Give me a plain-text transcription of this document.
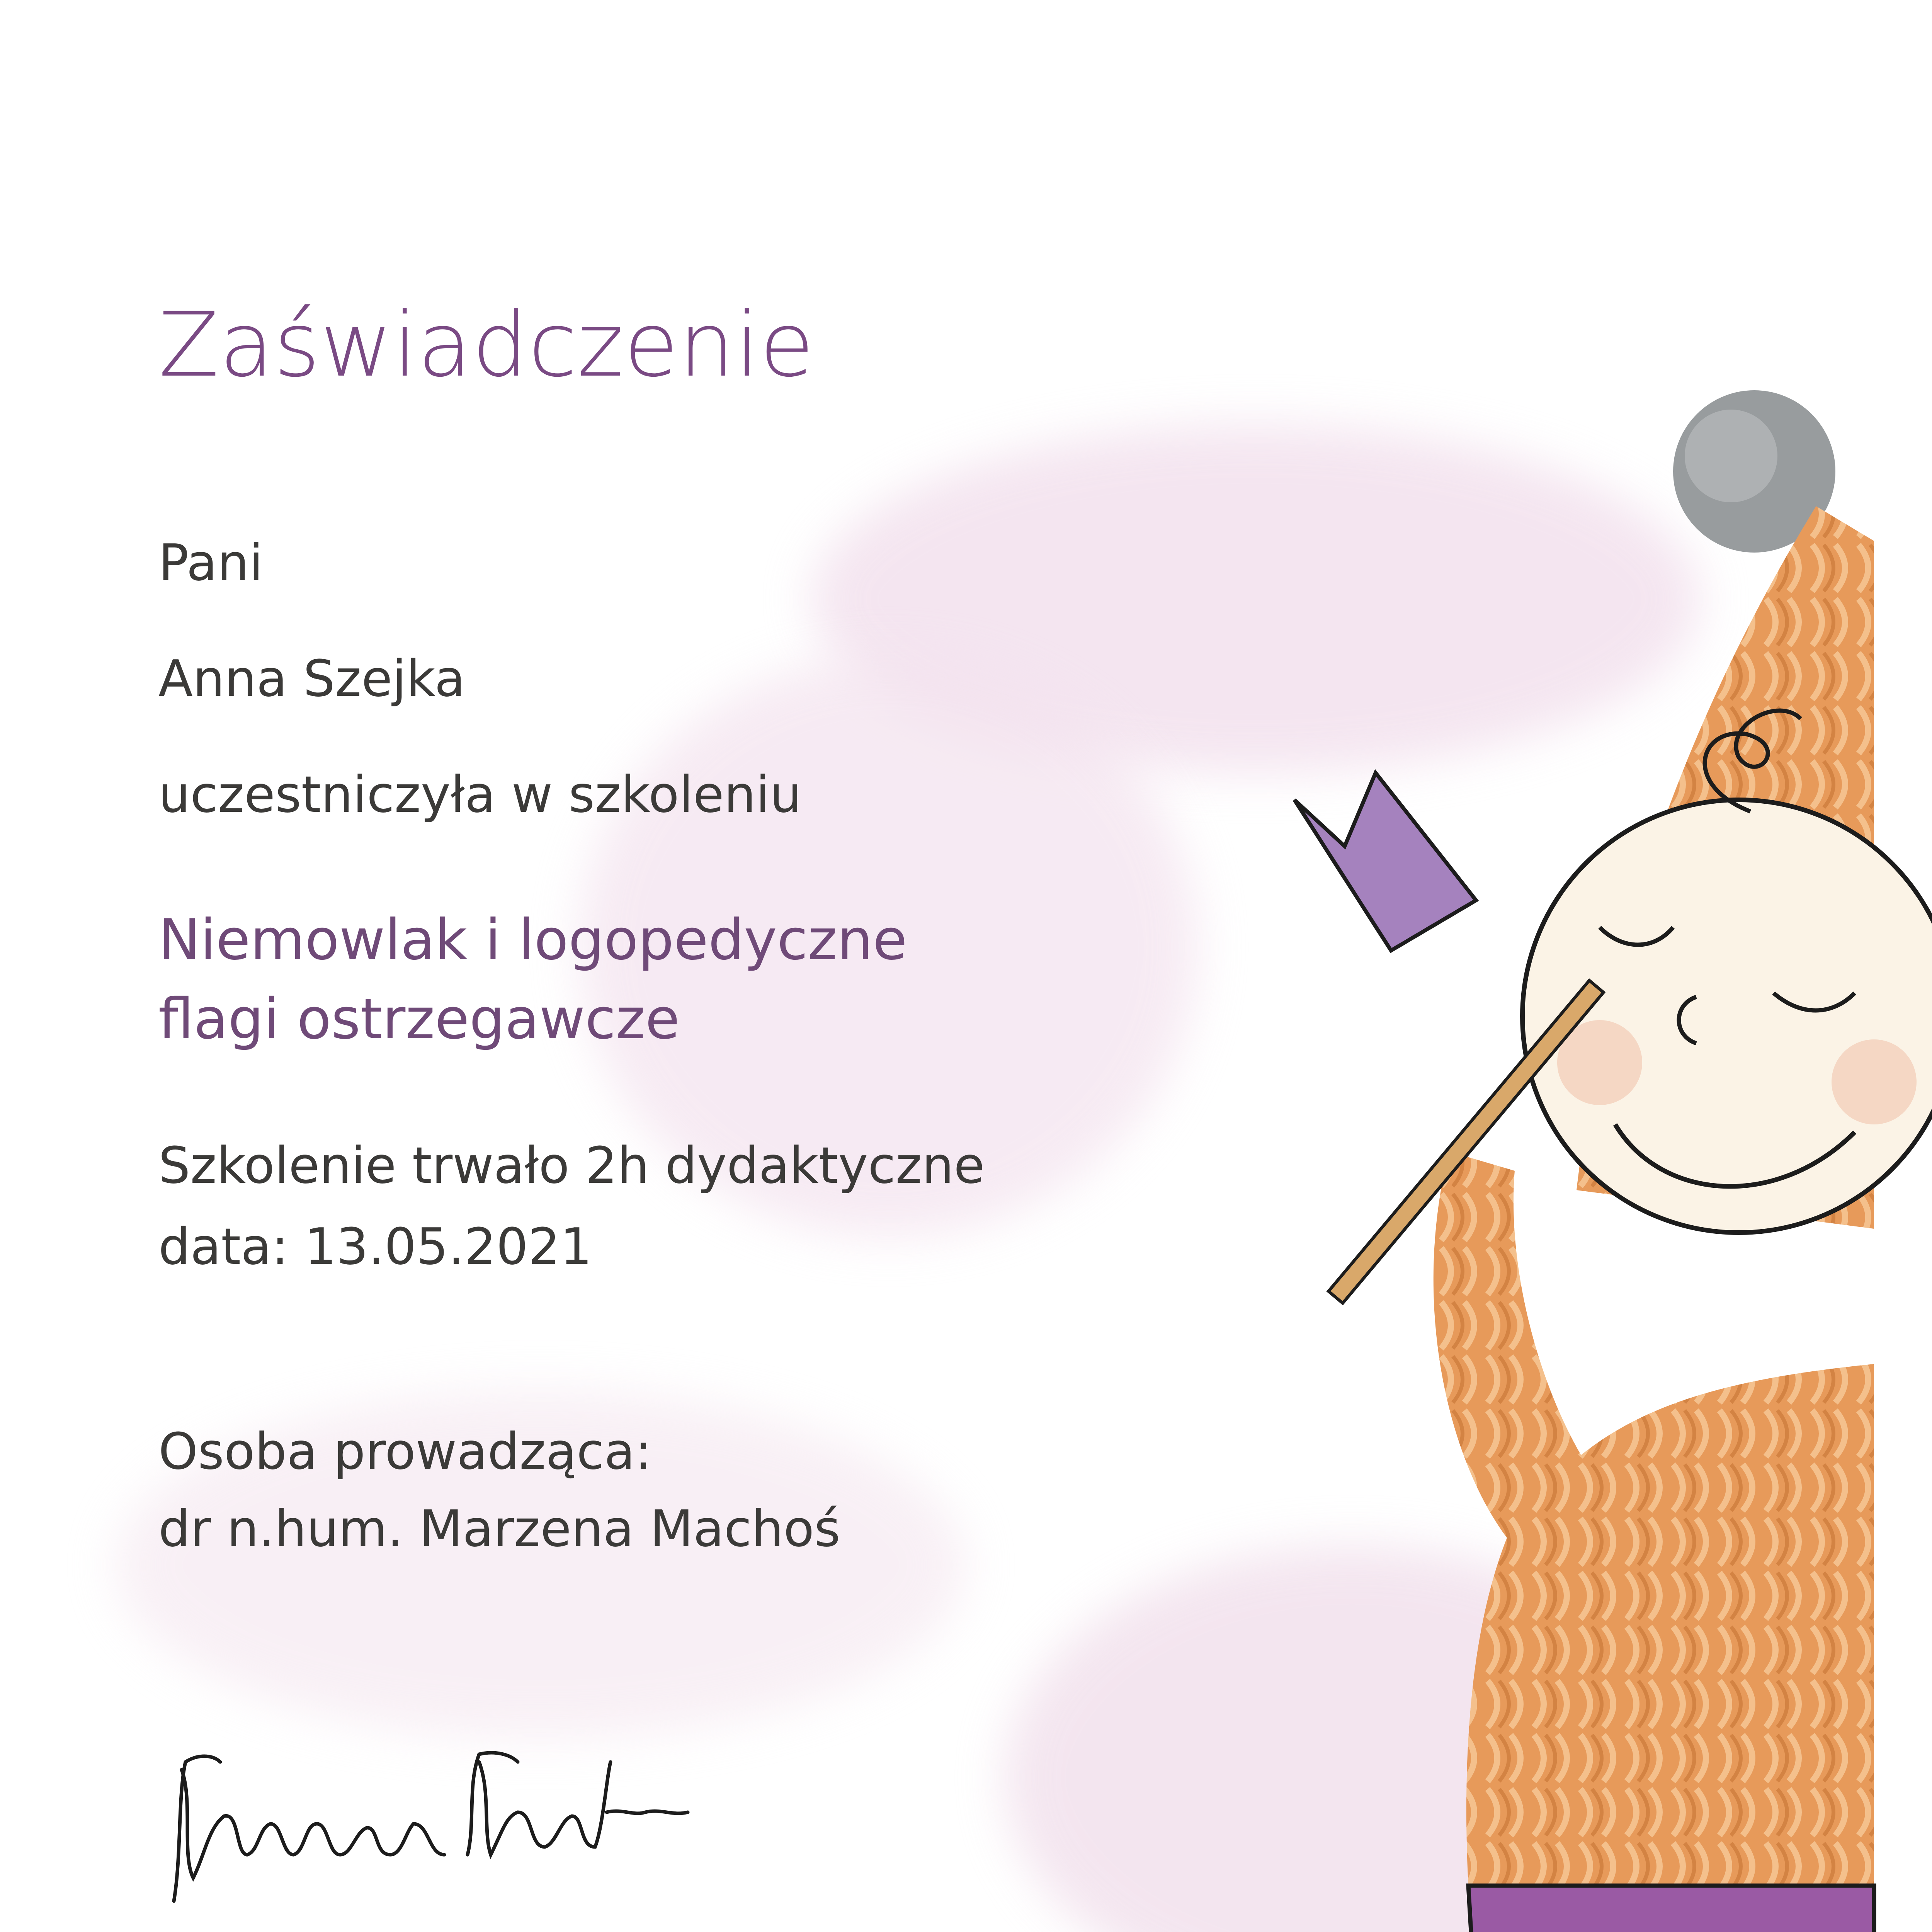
Zaświadczenie
Pani
Anna Szejka
uczestniczyła w szkoleniu
Niemowlak i logopedyczne
flagi ostrzegawcze
Szkolenie trwało 2h dydaktyczne
data: 13.05.2021
Osoba prowadząca:
dr n.hum. Marzena Machoś
